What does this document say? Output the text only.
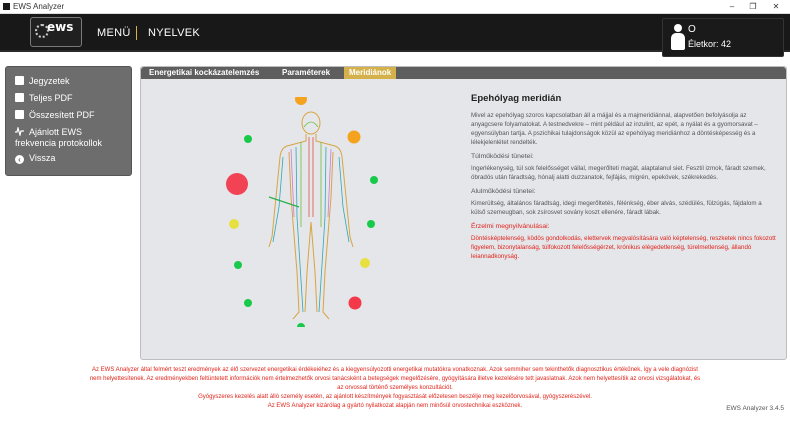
EWS Analyzer	–	❐	✕
ews MENÜ NYELVEK	O
Életkor: 42
Jegyzetek
Teljes PDF
Összesített PDF
Ajánlott EWS frekvencia protokollok
‹ Vissza
Energetikai kockázatelemzés	Paraméterek	Meridiánok
Epehólyag meridián
Mivel az epehólyag szoros kapcsolatban áll a májjal és a majmeridiánnal, alapvetően befolyásolja az anyagcsere folyamatokat. A testnedvekre – mint például az inzulint, az epét, a nyálat és a gyomorsavat – egyensúlyban tartja. A pszichikai tulajdonságok közül az epehólyag meridiánhoz a döntésképesség és a lélekjelenlétet rendelték.
Túlműködési tünetei:
Ingerlékenység, túl sok felelősséget vállal, megerőlteti magát, alaptalanul siet. Fesztil izmok, fáradt szemek, öbradós után fáradtság, hónalj alatti duzzanatok, fejfájás, migrén, epekövek, székrekedés.
Alulműködési tünetei:
Kimerültség, általános fáradtság, idegi megerőltetés, félénkség, éber alvás, szédülés, fülzúgás, fájdalom a külső szemeugban, sok zsírosvet sovány koszt ellenére, fáradt lábak.
Érzelmi megnyilvánulásai:
Döntésképtelenség, ködös gondolkodás, elettervek megvalósítására való képtelenség, reszketek nincs fokozott figyelem, bizonytalanság, túlfokozott felelősségérzet, krónikus elégedetlenség, türelmetlenség, állandó leiannadkonyság.
Az EWS Analyzer által felmért teszt eredmények az élő szervezet energetikai érdékeiéhez és a kiegyensúlyozotti energetikai mutatókra vonatkoznak. Azok semmiher sem tekinthetők diagnosztikus értékűnek, így a vele diagnózist
nem helyettesítenek. Az eredményekben feltüntetett információk nem értelmezhetők orvosi tanácsként a betegségek megelőzésére, gyógyítására illetve kezelésére tett javaslatnak. Azok nem helyettesítik az orvosi vizsgálatokat, és
az orvossal történő személyes konzultációt.
Gyógyszeres kezelés alatt álló személy esetén, az ajánlott készítmények fogyasztását előzetesen beszélje meg kezelőorvosával, gyógyszerészével.
Az EWS Analyzer kizárólag a gyártó nyilatkozat alapján nem minősül orvostechnikai eszköznek.	EWS Analyzer 3.4.5
